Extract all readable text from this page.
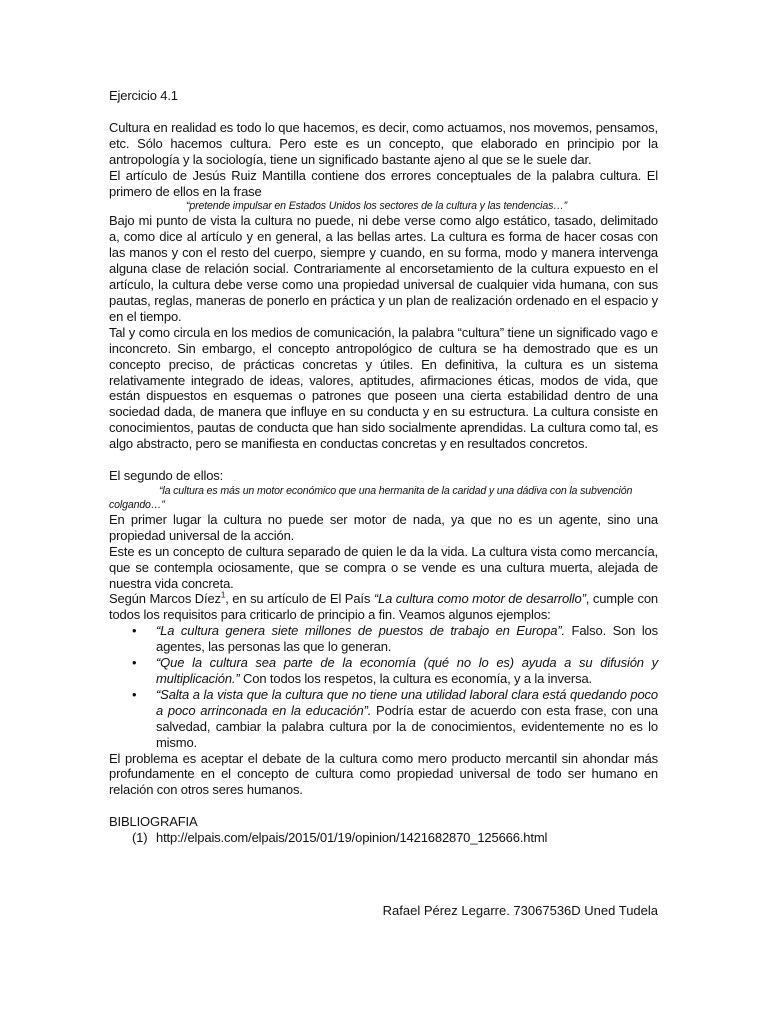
Ejercicio 4.1

Cultura en realidad es todo lo que hacemos, es decir, como actuamos, nos movemos, pensamos, etc. Sólo hacemos cultura. Pero este es un concepto, que elaborado en principio por la antropología y la sociología, tiene un significado bastante ajeno al que se le suele dar.

El artículo de Jesús Ruiz Mantilla contiene dos errores conceptuales de la palabra cultura. El primero de ellos en la frase

“pretende impulsar en Estados Unidos los sectores de la cultura y las tendencias…”

Bajo mi punto de vista la cultura no puede, ni debe verse como algo estático, tasado, delimitado a, como dice al artículo y en general, a las bellas artes. La cultura es forma de hacer cosas con las manos y con el resto del cuerpo, siempre y cuando, en su forma, modo y manera intervenga alguna clase de relación social. Contrariamente al encorsetamiento de la cultura expuesto en el artículo, la cultura debe verse como una propiedad universal de cualquier vida humana, con sus pautas, reglas, maneras de ponerlo en práctica y un plan de realización ordenado en el espacio y en el tiempo.

Tal y como circula en los medios de comunicación, la palabra “cultura” tiene un significado vago e inconcreto. Sin embargo, el concepto antropológico de cultura se ha demostrado que es un concepto preciso, de prácticas concretas y útiles. En definitiva, la cultura es un sistema relativamente integrado de ideas, valores, aptitudes, afirmaciones éticas, modos de vida, que están dispuestos en esquemas o patrones que poseen una cierta estabilidad dentro de una sociedad dada, de manera que influye en su conducta y en su estructura. La cultura consiste en conocimientos, pautas de conducta que han sido socialmente aprendidas. La cultura como tal, es algo abstracto, pero se manifiesta en conductas concretas y en resultados concretos.

El segundo de ellos:

“la cultura es más un motor económico que una hermanita de la caridad y una dádiva con la subvención colgando…”

En primer lugar la cultura no puede ser motor de nada, ya que no es un agente, sino una propiedad universal de la acción.

Este es un concepto de cultura separado de quien le da la vida. La cultura vista como mercancía, que se contempla ociosamente, que se compra o se vende es una cultura muerta, alejada de nuestra vida concreta.

Según Marcos Díez$^1$, en su artículo de El País “La cultura como motor de desarrollo”, cumple con todos los requisitos para criticarlo de principio a fin. Veamos algunos ejemplos:

• “La cultura genera siete millones de puestos de trabajo en Europa”. Falso. Son los agentes, las personas las que lo generan.
• “Que la cultura sea parte de la economía (qué no lo es) ayuda a su difusión y multiplicación.” Con todos los respetos, la cultura es economía, y a la inversa.
• “Salta a la vista que la cultura que no tiene una utilidad laboral clara está quedando poco a poco arrinconada en la educación”. Podría estar de acuerdo con esta frase, con una salvedad, cambiar la palabra cultura por la de conocimientos, evidentemente no es lo mismo.

El problema es aceptar el debate de la cultura como mero producto mercantil sin ahondar más profundamente en el concepto de cultura como propiedad universal de todo ser humano en relación con otros seres humanos.

BIBLIOGRAFIA

(1) http://elpais.com/elpais/2015/01/19/opinion/1421682870_125666.html

Rafael Pérez Legarre. 73067536D Uned Tudela
